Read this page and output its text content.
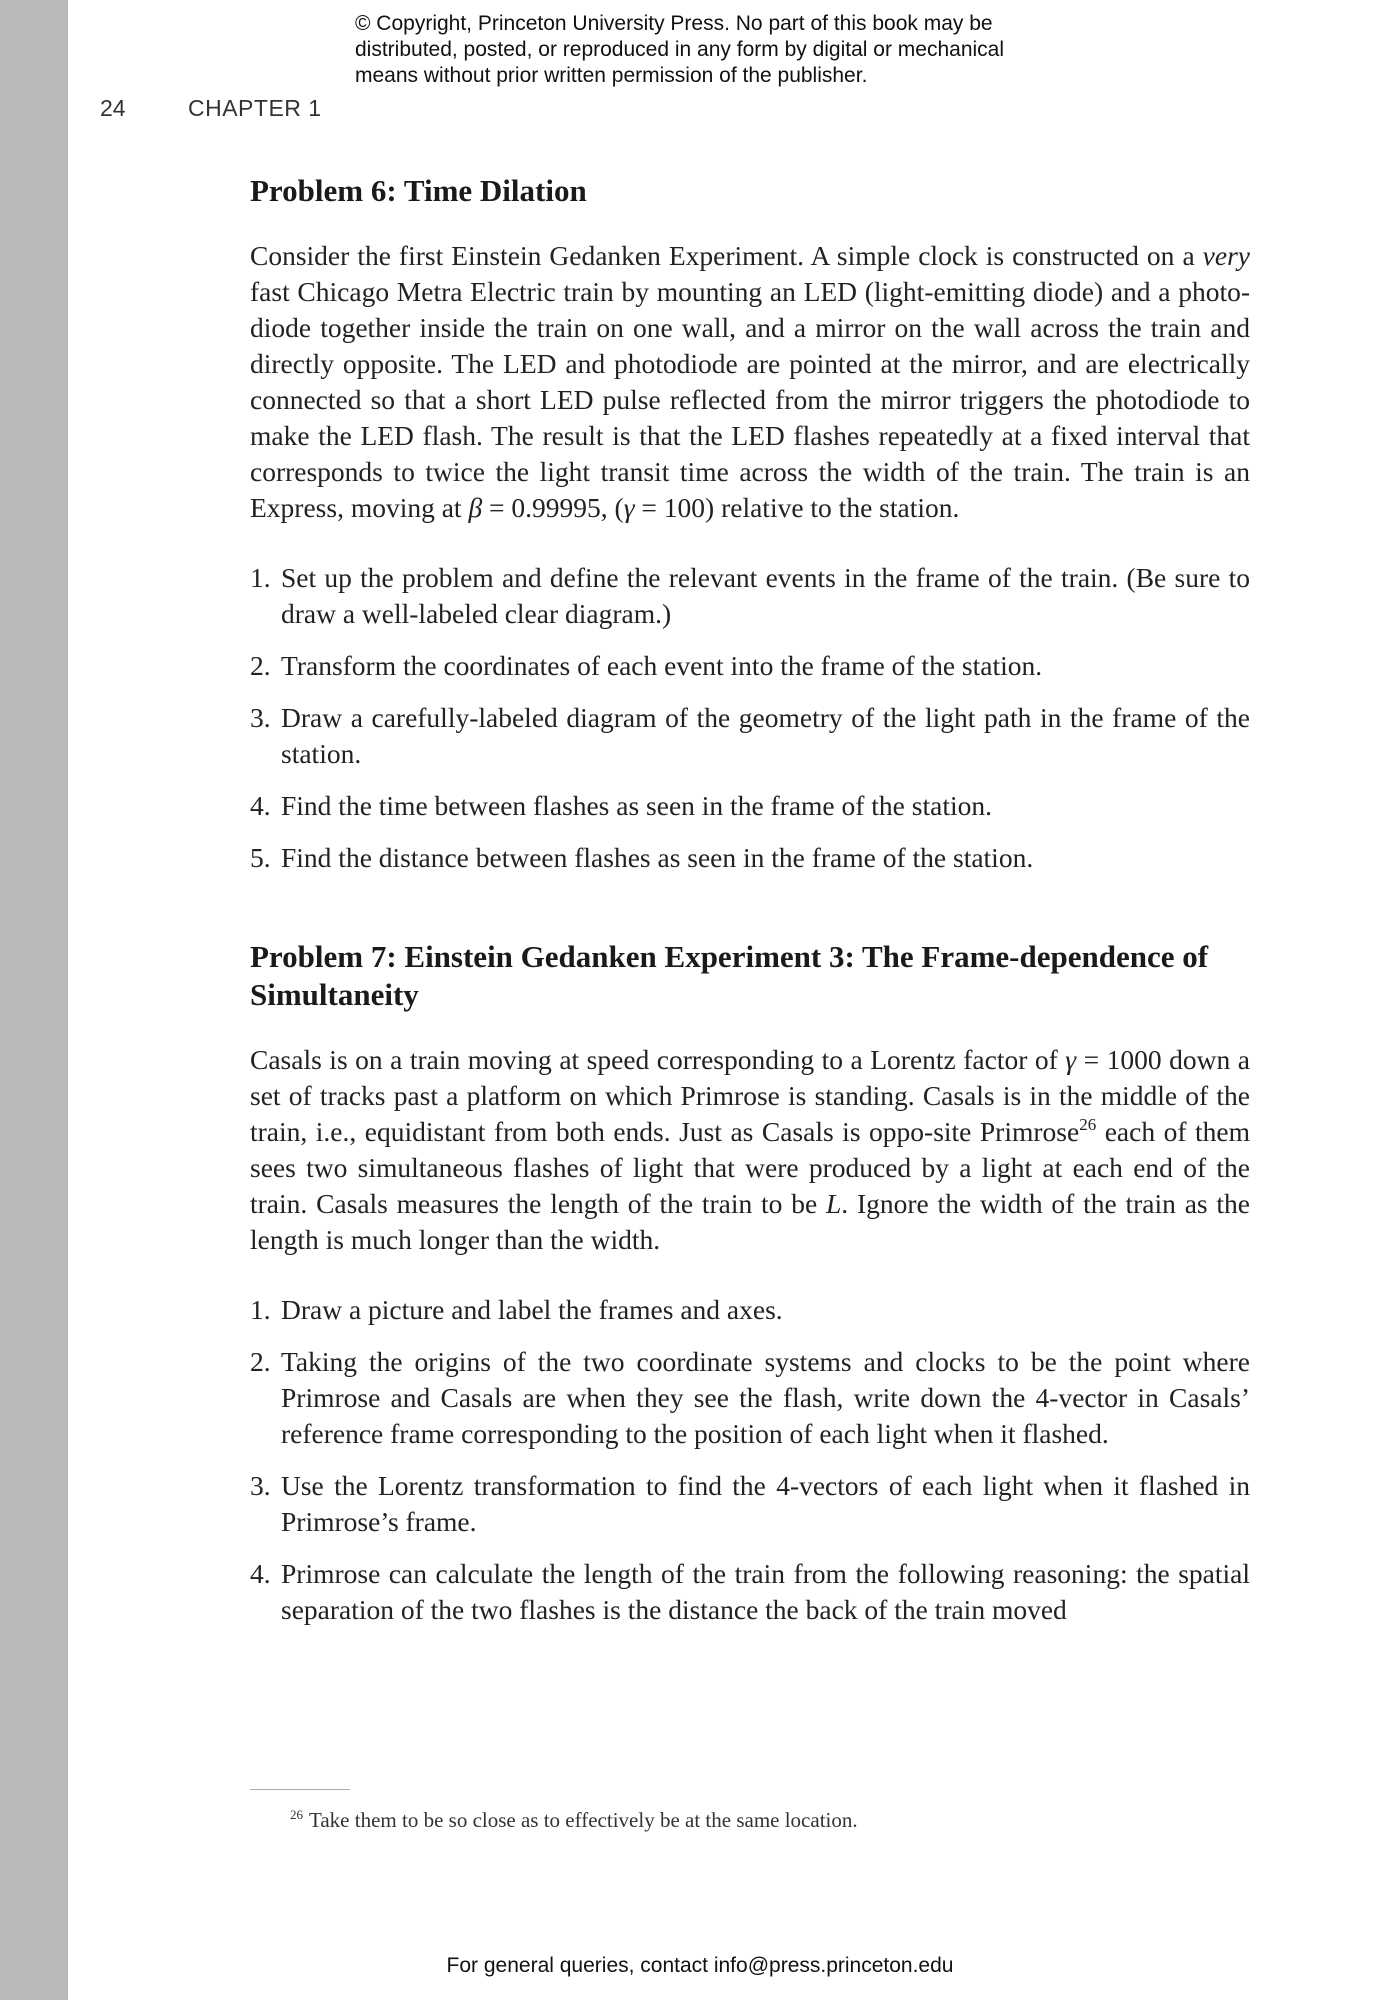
© Copyright, Princeton University Press. No part of this book may be
distributed, posted, or reproduced in any form by digital or mechanical
means without prior written permission of the publisher.
24	CHAPTER 1
Problem 6: Time Dilation

Consider the first Einstein Gedanken Experiment. A simple clock is constructed on a very fast Chicago Metra Electric train by mounting an LED (light-emitting diode) and a photo-diode together inside the train on one wall, and a mirror on the wall across the train and directly opposite. The LED and photodiode are pointed at the mirror, and are electrically connected so that a short LED pulse reflected from the mirror triggers the photodiode to make the LED flash. The result is that the LED flashes repeatedly at a fixed interval that corresponds to twice the light transit time across the width of the train. The train is an Express, moving at β = 0.99995, (γ = 100) relative to the station.

1. Set up the problem and define the relevant events in the frame of the train. (Be sure to draw a well-labeled clear diagram.)
2. Transform the coordinates of each event into the frame of the station.
3. Draw a carefully-labeled diagram of the geometry of the light path in the frame of the station.
4. Find the time between flashes as seen in the frame of the station.
5. Find the distance between flashes as seen in the frame of the station.
Problem 7: Einstein Gedanken Experiment 3: The Frame-dependence of Simultaneity

Casals is on a train moving at speed corresponding to a Lorentz factor of γ = 1000 down a set of tracks past a platform on which Primrose is standing. Casals is in the middle of the train, i.e., equidistant from both ends. Just as Casals is oppo-site Primrose$^{26}$ each of them sees two simultaneous flashes of light that were produced by a light at each end of the train. Casals measures the length of the train to be L. Ignore the width of the train as the length is much longer than the width.

1. Draw a picture and label the frames and axes.
2. Taking the origins of the two coordinate systems and clocks to be the point where Primrose and Casals are when they see the flash, write down the 4-vector in Casals’ reference frame corresponding to the position of each light when it flashed.
3. Use the Lorentz transformation to find the 4-vectors of each light when it flashed in Primrose’s frame.
4. Primrose can calculate the length of the train from the following reasoning: the spatial separation of the two flashes is the distance the back of the train moved
$^{26}$ Take them to be so close as to effectively be at the same location.
For general queries, contact info@press.princeton.edu
